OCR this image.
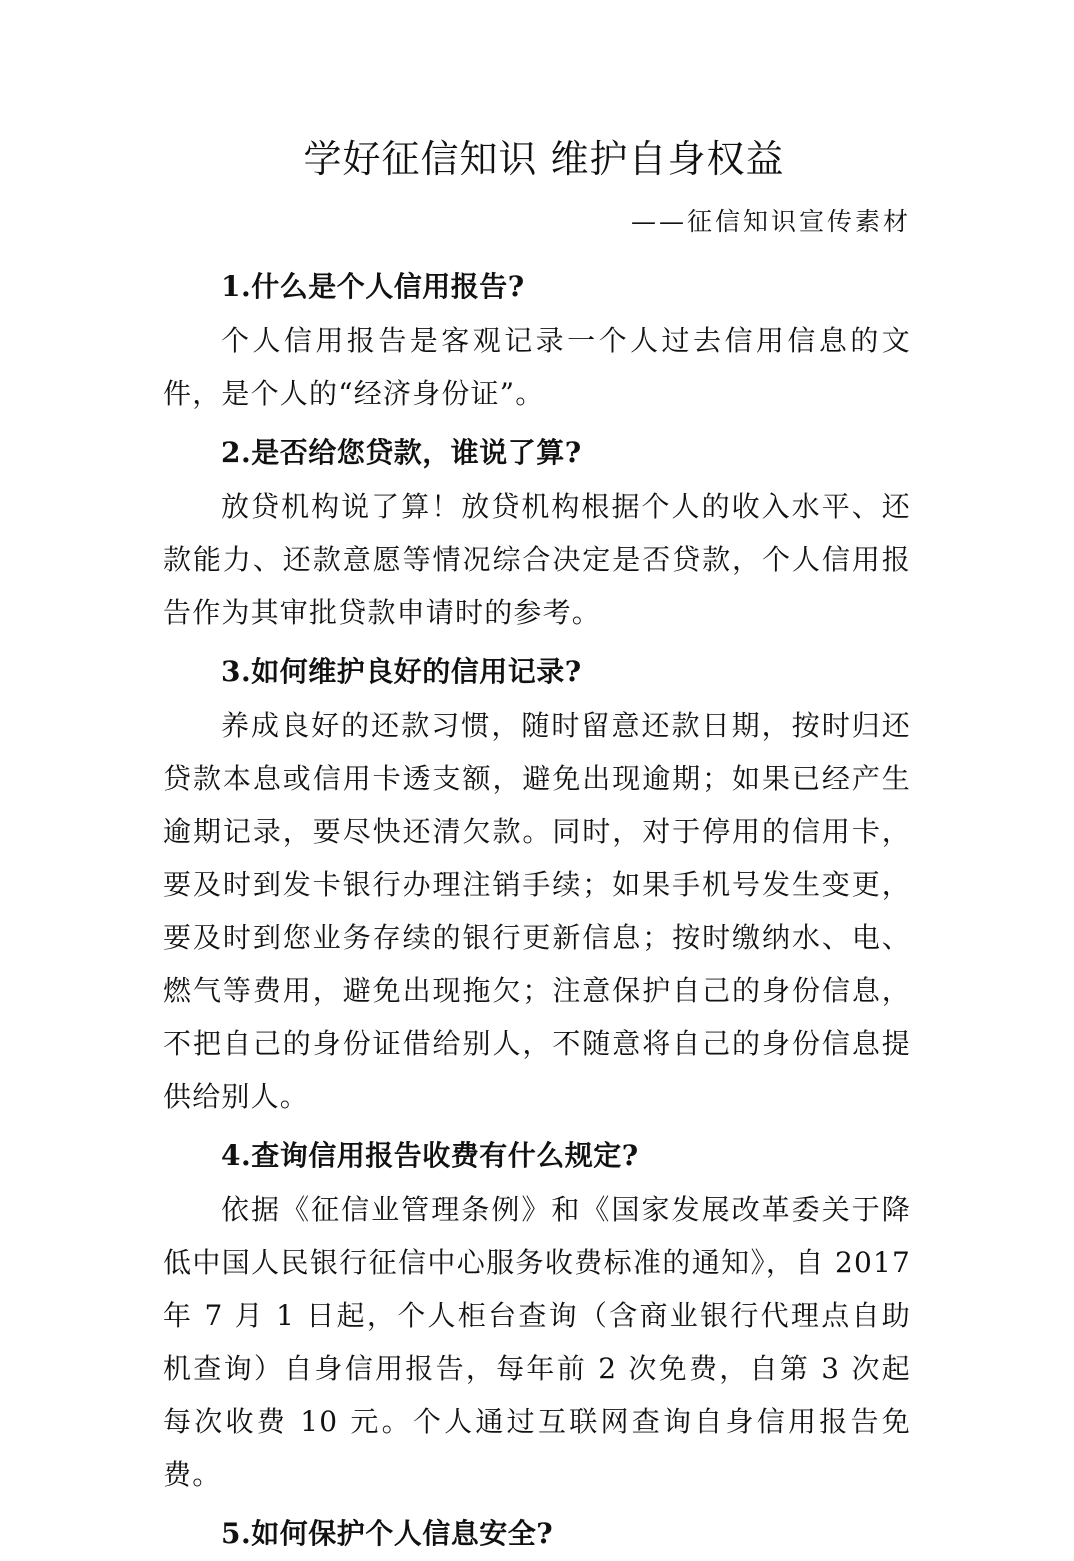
学好征信知识 维护自身权益
——征信知识宣传素材

1.什么是个人信用报告?

个人信用报告是客观记录一个人过去信用信息的文件，是个人的“经济身份证”。

2.是否给您贷款，谁说了算?

放贷机构说了算！放贷机构根据个人的收入水平、还款能力、还款意愿等情况综合决定是否贷款，个人信用报告作为其审批贷款申请时的参考。

3.如何维护良好的信用记录?

养成良好的还款习惯，随时留意还款日期，按时归还贷款本息或信用卡透支额，避免出现逾期；如果已经产生逾期记录，要尽快还清欠款。同时，对于停用的信用卡，要及时到发卡银行办理注销手续；如果手机号发生变更，要及时到您业务存续的银行更新信息；按时缴纳水、电、燃气等费用，避免出现拖欠；注意保护自己的身份信息，不把自己的身份证借给别人，不随意将自己的身份信息提供给别人。

4.查询信用报告收费有什么规定?

依据《征信业管理条例》和《国家发展改革委关于降低中国人民银行征信中心服务收费标准的通知》，自 2017 年 7 月 1 日起，个人柜台查询（含商业银行代理点自助机查询）自身信用报告，每年前 2 次免费，自第 3 次起每次收费 10 元。个人通过互联网查询自身信用报告免费。

5.如何保护个人信息安全?
